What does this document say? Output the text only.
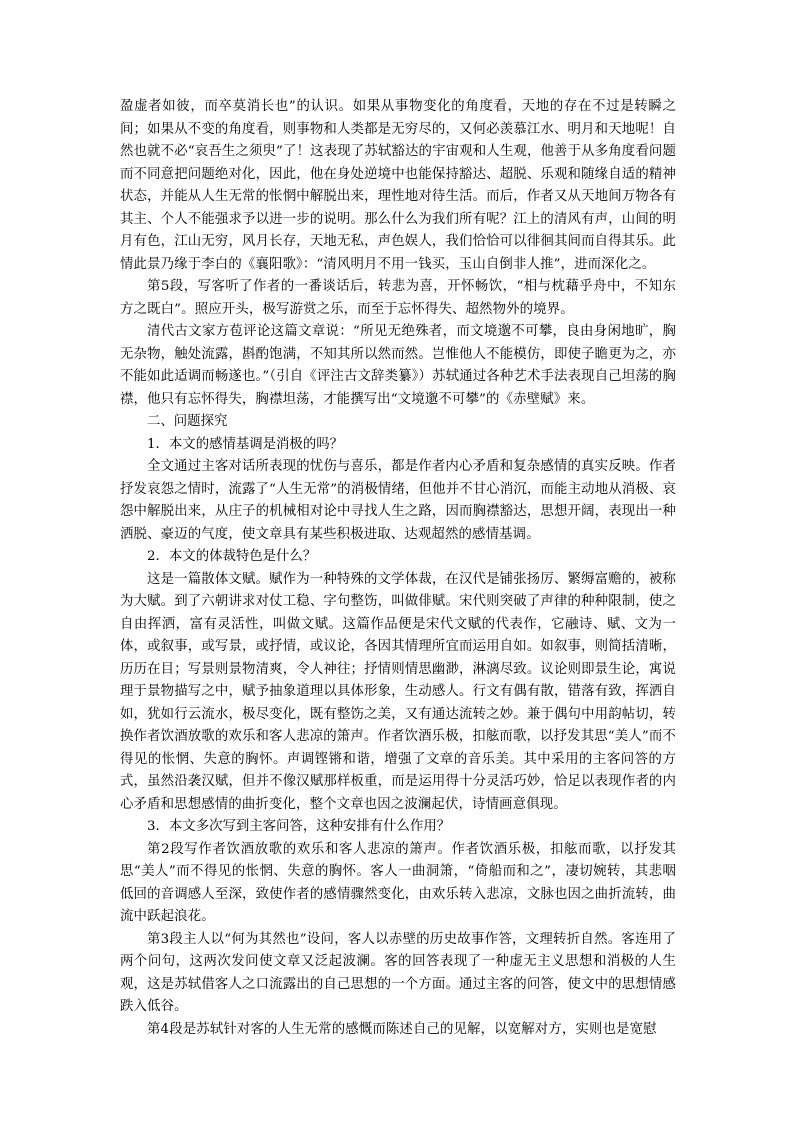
盈虚者如彼，而卒莫消长也”的认识。如果从事物变化的角度看，天地的存在不过是转瞬之间；如果从不变的角度看，则事物和人类都是无穷尽的，又何必羡慕江水、明月和天地呢！自然也就不必“哀吾生之须臾”了！这表现了苏轼豁达的宇宙观和人生观，他善于从多角度看问题而不同意把问题绝对化，因此，他在身处逆境中也能保持豁达、超脱、乐观和随缘自适的精神状态，并能从人生无常的怅惘中解脱出来，理性地对待生活。而后，作者又从天地间万物各有其主、个人不能强求予以进一步的说明。那么什么为我们所有呢？江上的清风有声，山间的明月有色，江山无穷，风月长存，天地无私，声色娱人，我们恰恰可以徘徊其间而自得其乐。此情此景乃缘于李白的《襄阳歌》：“清风明月不用一钱买，玉山自倒非人推”，进而深化之。

第5段，写客听了作者的一番谈话后，转悲为喜，开怀畅饮，“相与枕藉乎舟中，不知东方之既白”。照应开头，极写游赏之乐，而至于忘怀得失、超然物外的境界。

清代古文家方苞评论这篇文章说：“所见无绝殊者，而文境邈不可攀，良由身闲地旷，胸无杂物，触处流露，斟酌饱满，不知其所以然而然。岂惟他人不能模仿，即使子瞻更为之，亦不能如此适调而畅遂也。”（引自《评注古文辞类纂》）苏轼通过各种艺术手法表现自己坦荡的胸襟，他只有忘怀得失，胸襟坦荡，才能撰写出“文境邈不可攀”的《赤壁赋》来。

二、问题探究

1．本文的感情基调是消极的吗？

全文通过主客对话所表现的忧伤与喜乐，都是作者内心矛盾和复杂感情的真实反映。作者抒发哀怨之情时，流露了“人生无常”的消极情绪，但他并不甘心消沉，而能主动地从消极、哀怨中解脱出来，从庄子的机械相对论中寻找人生之路，因而胸襟豁达，思想开阔，表现出一种洒脱、豪迈的气度，使文章具有某些积极进取、达观超然的感情基调。

2．本文的体裁特色是什么？

这是一篇散体文赋。赋作为一种特殊的文学体裁，在汉代是铺张扬厉、繁缛富赡的，被称为大赋。到了六朝讲求对仗工稳、字句整饬，叫做俳赋。宋代则突破了声律的种种限制，使之自由挥洒，富有灵活性，叫做文赋。这篇作品便是宋代文赋的代表作，它融诗、赋、文为一体，或叙事，或写景，或抒情，或议论，各因其情理所宜而运用自如。如叙事，则简括清晰，历历在目；写景则景物清爽，令人神往；抒情则情思幽渺，淋漓尽致。议论则即景生论，寓说理于景物描写之中，赋予抽象道理以具体形象，生动感人。行文有偶有散，错落有致，挥洒自如，犹如行云流水，极尽变化，既有整饬之美，又有通达流转之妙。兼于偶句中用韵帖切，转换作者饮酒放歌的欢乐和客人悲凉的箫声。作者饮酒乐极，扣舷而歌，以抒发其思“美人”而不得见的怅惘、失意的胸怀。声调铿锵和谐，增强了文章的音乐美。其中采用的主客问答的方式，虽然沿袭汉赋，但并不像汉赋那样板重，而是运用得十分灵活巧妙，恰足以表现作者的内心矛盾和思想感情的曲折变化，整个文章也因之波澜起伏，诗情画意俱现。

3．本文多次写到主客问答，这种安排有什么作用？

第2段写作者饮酒放歌的欢乐和客人悲凉的箫声。作者饮酒乐极，扣舷而歌，以抒发其思“美人”而不得见的怅惘、失意的胸怀。客人一曲洞箫，“倚船而和之”，凄切婉转，其悲咽低回的音调感人至深，致使作者的感情骤然变化，由欢乐转入悲凉，文脉也因之曲折流转，曲流中跃起浪花。

第3段主人以“何为其然也”设问，客人以赤壁的历史故事作答，文理转折自然。客连用了两个问句，这两次发问使文章又泛起波澜。客的回答表现了一种虚无主义思想和消极的人生观，这是苏轼借客人之口流露出的自己思想的一个方面。通过主客的问答，使文中的思想情感跌入低谷。

第4段是苏轼针对客的人生无常的感慨而陈述自己的见解，以宽解对方，实则也是宽慰
